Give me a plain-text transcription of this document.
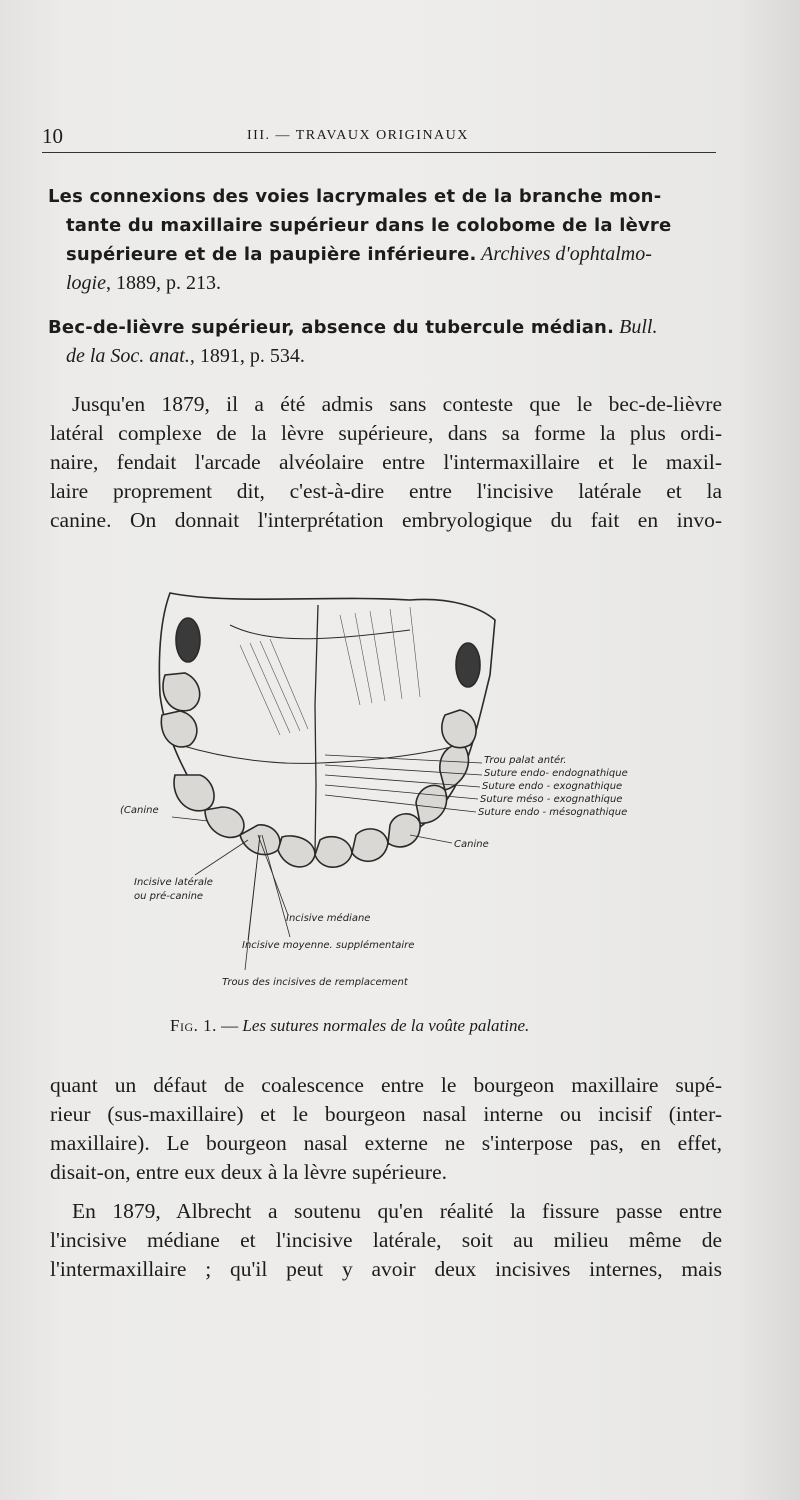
10	III. — TRAVAUX ORIGINAUX
Les connexions des voies lacrymales et de la branche mon-
tante du maxillaire supérieur dans le colobome de la lèvre
supérieure et de la paupière inférieure. Archives d'ophtalmo-
logie, 1889, p. 213.
Bec-de-lièvre supérieur, absence du tubercule médian. Bull.
de la Soc. anat., 1891, p. 534.
Jusqu'en 1879, il a été admis sans conteste que le bec-de-lièvre
latéral complexe de la lèvre supérieure, dans sa forme la plus ordi-
naire, fendait l'arcade alvéolaire entre l'intermaxillaire et le maxil-
laire proprement dit, c'est-à-dire entre l'incisive latérale et la
canine. On donnait l'interprétation embryologique du fait en invo-
Trou palat antér.
Suture endo- endognathique
Suture endo - exognathique
Suture méso - exognathique
Suture endo - mésognathique
Canine
(Canine
Incisive latérale
ou pré-canine
Incisive médiane
Incisive moyenne. supplémentaire
Trous des incisives de remplacement
Fig. 1. — Les sutures normales de la voûte palatine.
quant un défaut de coalescence entre le bourgeon maxillaire supé-
rieur (sus-maxillaire) et le bourgeon nasal interne ou incisif (inter-
maxillaire). Le bourgeon nasal externe ne s'interpose pas, en effet,
disait-on, entre eux deux à la lèvre supérieure.
En 1879, Albrecht a soutenu qu'en réalité la fissure passe entre
l'incisive médiane et l'incisive latérale, soit au milieu même de
l'intermaxillaire ; qu'il peut y avoir deux incisives internes, mais
